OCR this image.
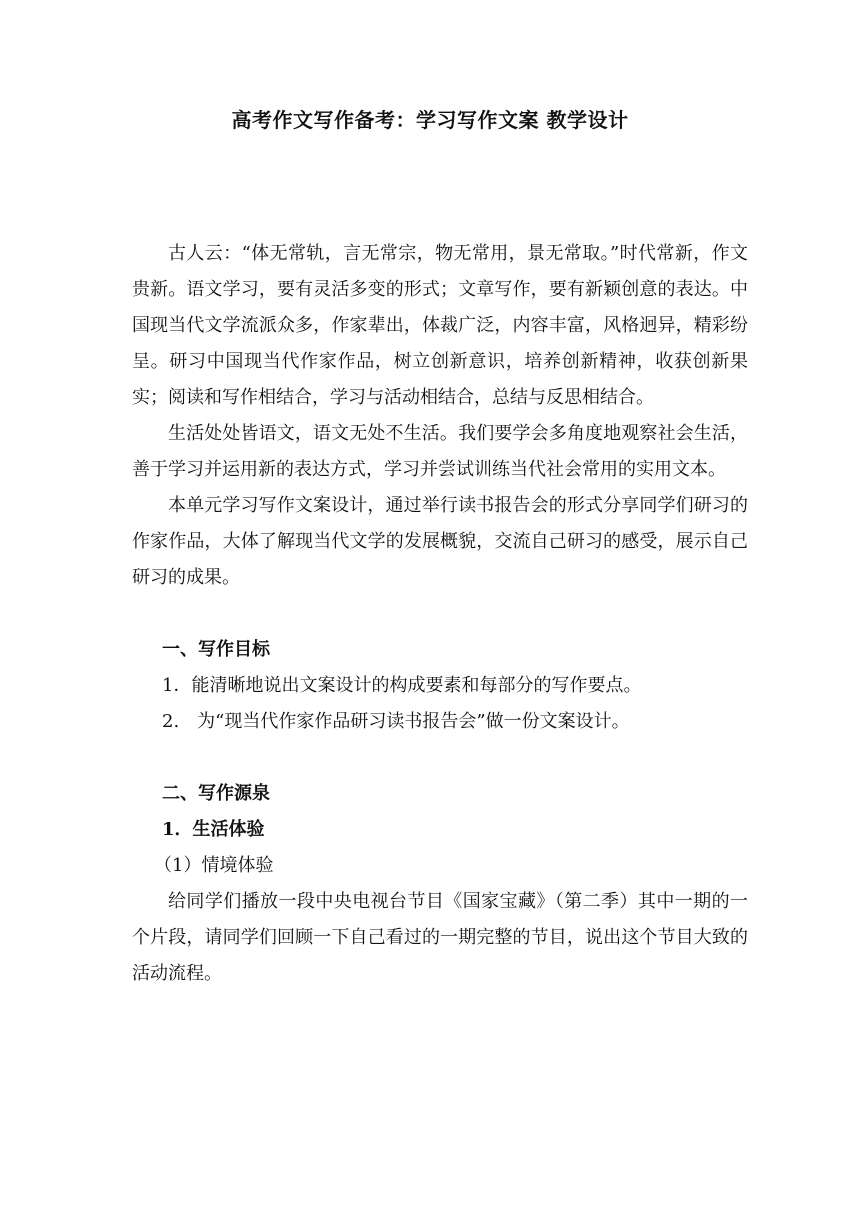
高考作文写作备考：学习写作文案 教学设计

古人云：“体无常轨，言无常宗，物无常用，景无常取。”时代常新，作文贵新。语文学习，要有灵活多变的形式；文章写作，要有新颖创意的表达。中国现当代文学流派众多，作家辈出，体裁广泛，内容丰富，风格迥异，精彩纷呈。研习中国现当代作家作品，树立创新意识，培养创新精神，收获创新果实；阅读和写作相结合，学习与活动相结合，总结与反思相结合。

生活处处皆语文，语文无处不生活。我们要学会多角度地观察社会生活，善于学习并运用新的表达方式，学习并尝试训练当代社会常用的实用文本。

本单元学习写作文案设计，通过举行读书报告会的形式分享同学们研习的作家作品，大体了解现当代文学的发展概貌，交流自己研习的感受，展示自己研习的成果。

一、写作目标

1．能清晰地说出文案设计的构成要素和每部分的写作要点。

2.　为“现当代作家作品研习读书报告会”做一份文案设计。

二、写作源泉

1．生活体验

（1）情境体验

给同学们播放一段中央电视台节目《国家宝藏》（第二季）其中一期的一个片段，请同学们回顾一下自己看过的一期完整的节目，说出这个节目大致的活动流程。
